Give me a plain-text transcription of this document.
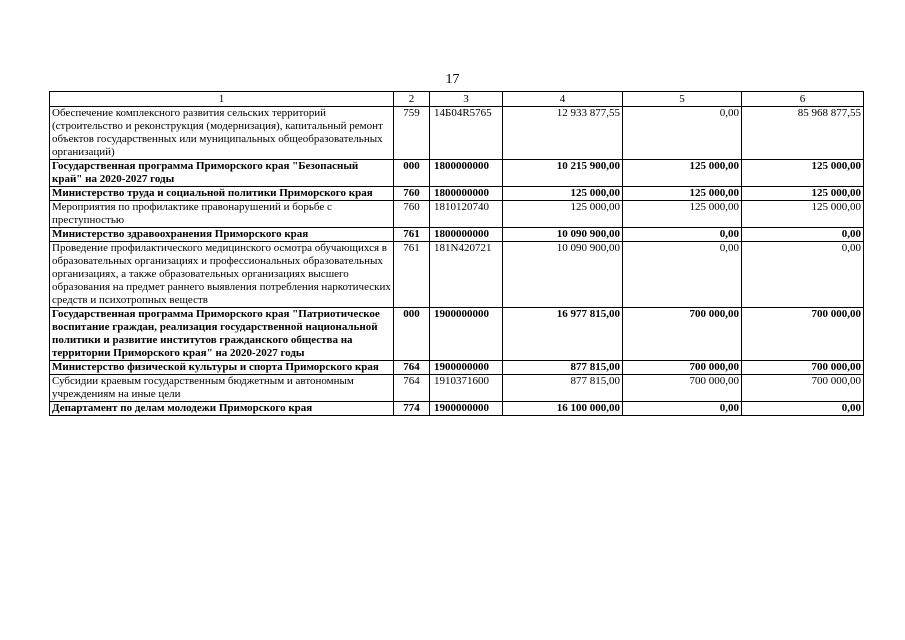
17
1	2	3	4	5	6
Обеспечение комплексного развития сельских территорий (строительство и реконструкция (модернизация), капитальный ремонт объектов государственных или муниципальных общеобразовательных организаций)	759	14Б04R5765	12 933 877,55	0,00	85 968 877,55
Государственная программа Приморского края "Безопасный край" на 2020-2027 годы	000	1800000000	10 215 900,00	125 000,00	125 000,00
Министерство труда и социальной политики Приморского края	760	1800000000	125 000,00	125 000,00	125 000,00
Мероприятия по профилактике правонарушений и борьбе с преступностью	760	1810120740	125 000,00	125 000,00	125 000,00
Министерство здравоохранения Приморского края	761	1800000000	10 090 900,00	0,00	0,00
Проведение профилактического медицинского осмотра обучающихся в образовательных организациях и профессиональных образовательных организациях, а также образовательных организациях высшего образования на предмет раннего выявления потребления наркотических средств и психотропных веществ	761	181N420721	10 090 900,00	0,00	0,00
Государственная программа Приморского края "Патриотическое воспитание граждан, реализация государственной национальной политики и развитие институтов гражданского общества на территории Приморского края" на 2020-2027 годы	000	1900000000	16 977 815,00	700 000,00	700 000,00
Министерство физической культуры и спорта Приморского края	764	1900000000	877 815,00	700 000,00	700 000,00
Субсидии краевым государственным бюджетным и автономным учреждениям на иные цели	764	1910371600	877 815,00	700 000,00	700 000,00
Департамент по делам молодежи Приморского края	774	1900000000	16 100 000,00	0,00	0,00
